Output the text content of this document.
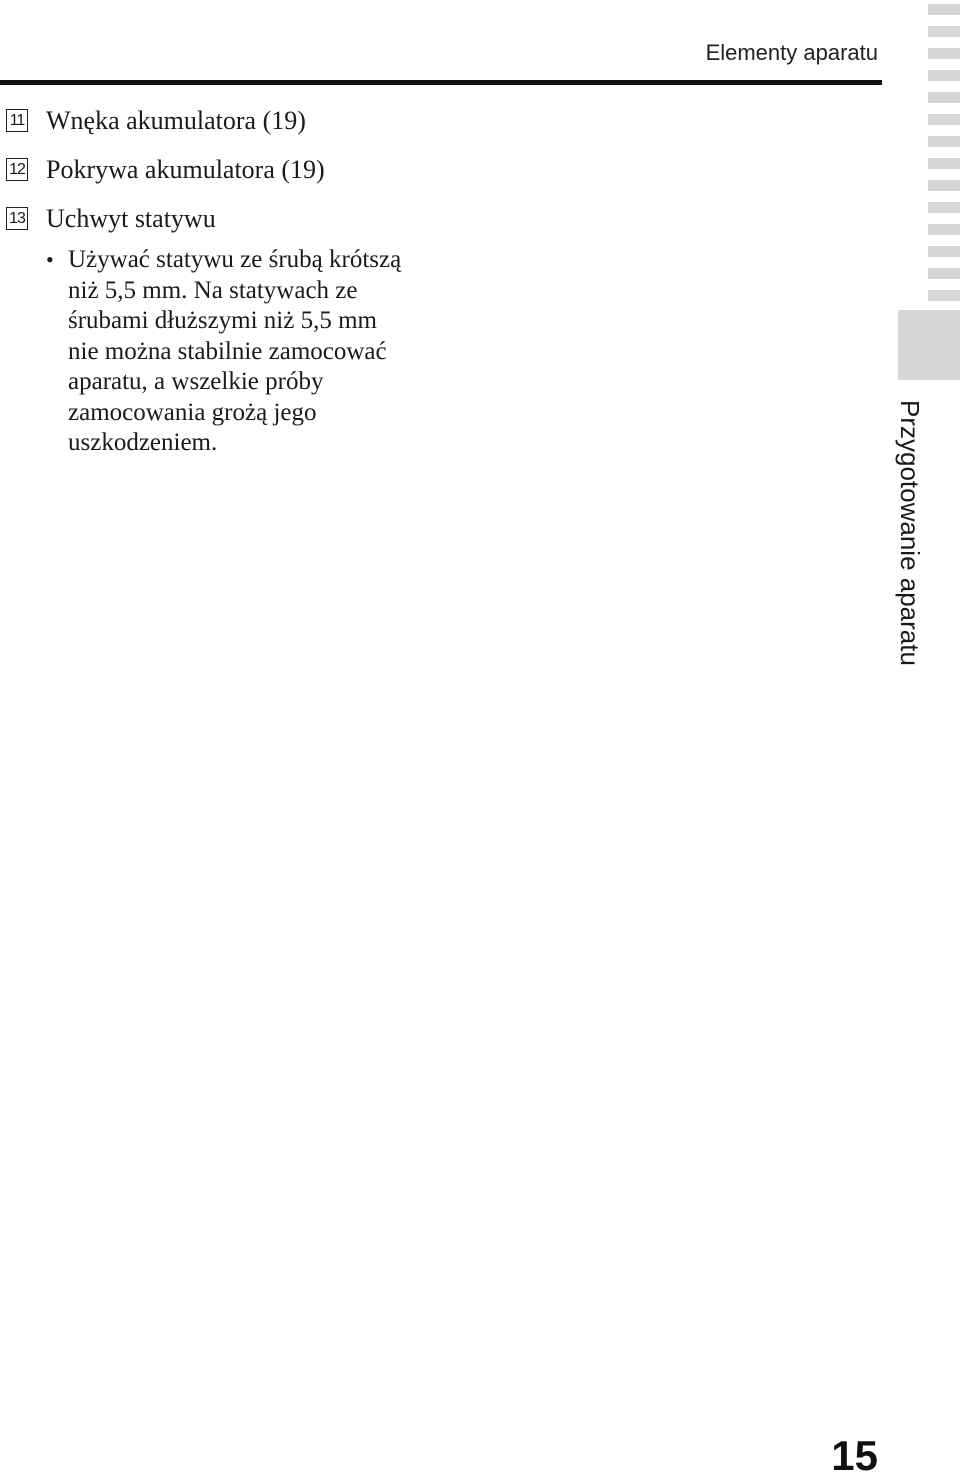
Elementy aparatu
11 Wnęka akumulatora (19)
12 Pokrywa akumulatora (19)
13 Uchwyt statywu
• Używać statywu ze śrubą krótszą niż 5,5 mm. Na statywach ze śrubami dłuższymi niż 5,5 mm nie można stabilnie zamocować aparatu, a wszelkie próby zamocowania grożą jego uszkodzeniem.	Przygotowanie aparatu
15
